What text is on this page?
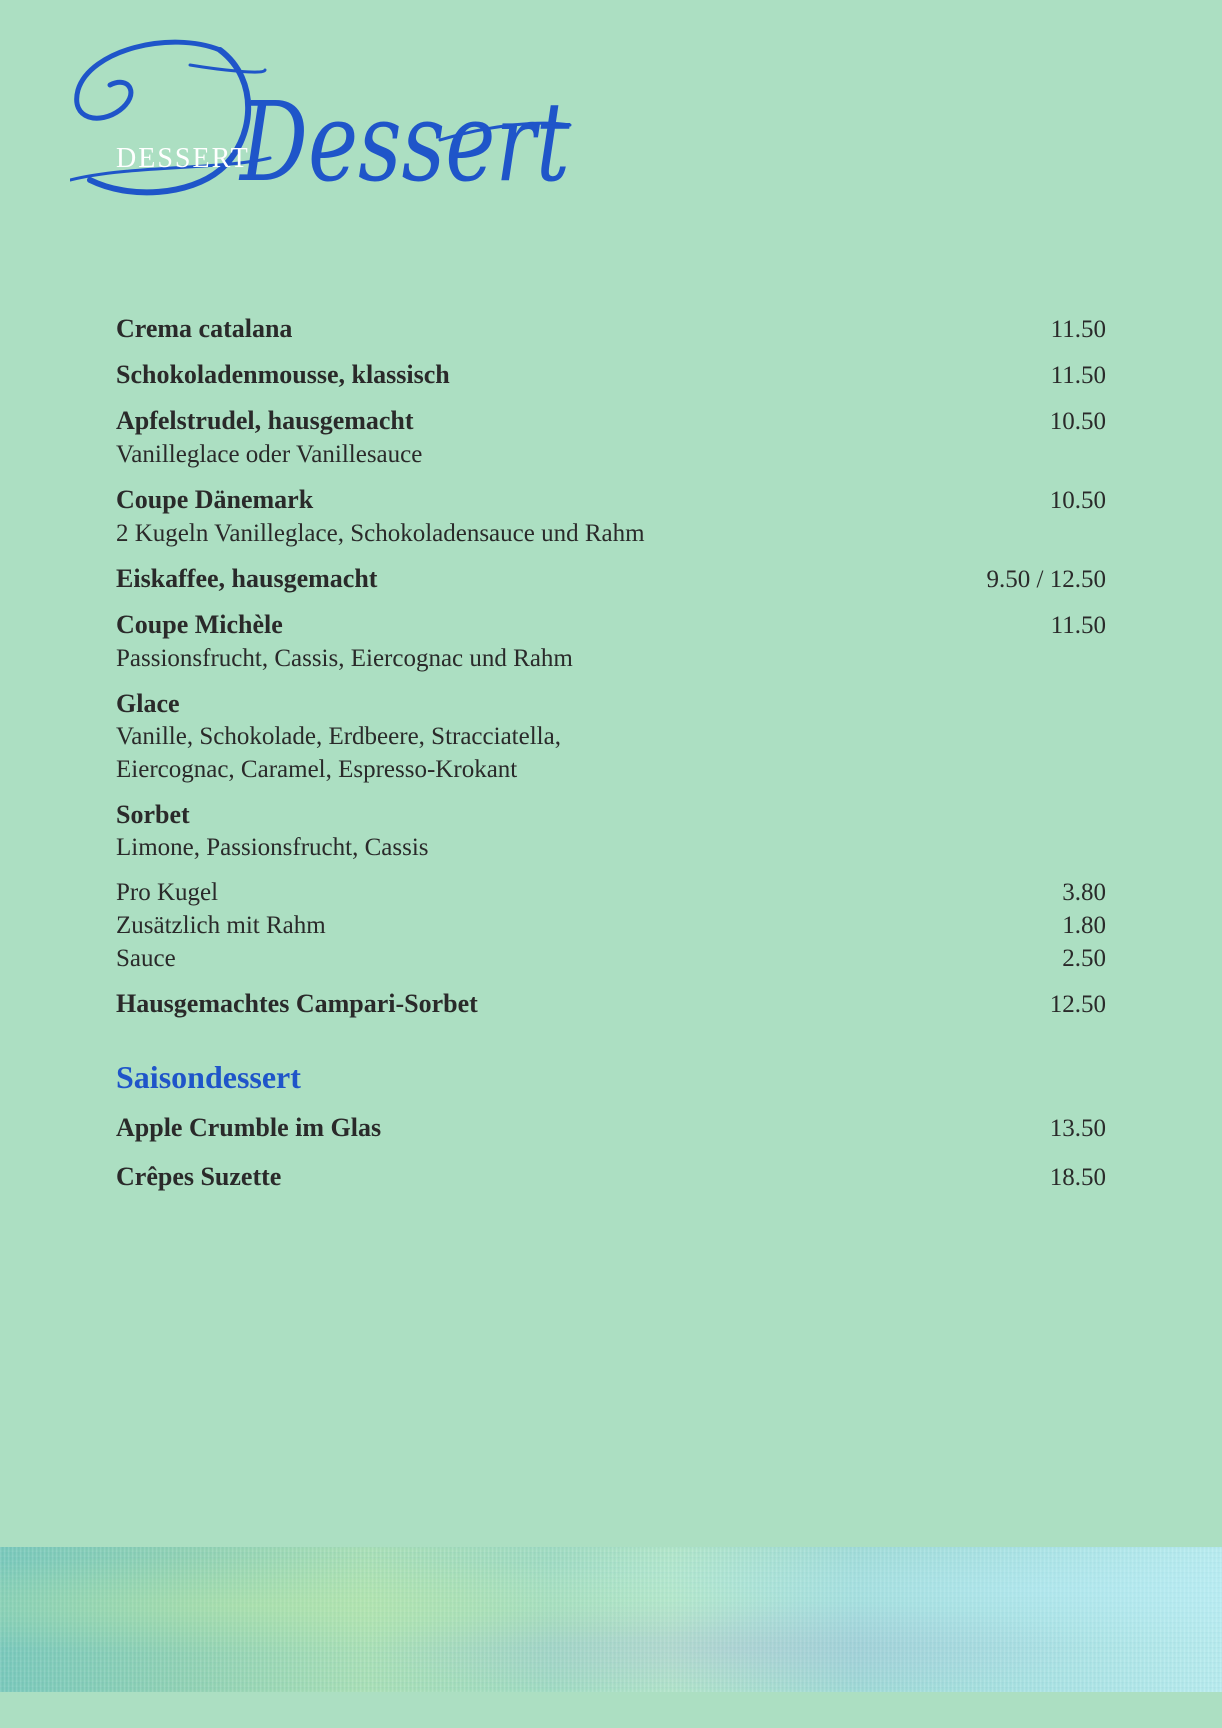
Dessert
DESSERT
Crema catalana	11.50
Schokoladenmousse, klassisch	11.50
Apfelstrudel, hausgemacht	10.50
Vanilleglace oder Vanillesauce
Coupe Dänemark	10.50
2 Kugeln Vanilleglace, Schokoladensauce und Rahm
Eiskaffee, hausgemacht	9.50 / 12.50
Coupe Michèle	11.50
Passionsfrucht, Cassis, Eiercognac und Rahm
Glace
Vanille, Schokolade, Erdbeere, Stracciatella,
Eiercognac, Caramel, Espresso-Krokant
Sorbet
Limone, Passionsfrucht, Cassis
Pro Kugel	3.80
Zusätzlich mit Rahm	1.80
Sauce	2.50
Hausgemachtes Campari-Sorbet	12.50
Saisondessert
Apple Crumble im Glas	13.50
Crêpes Suzette	18.50
